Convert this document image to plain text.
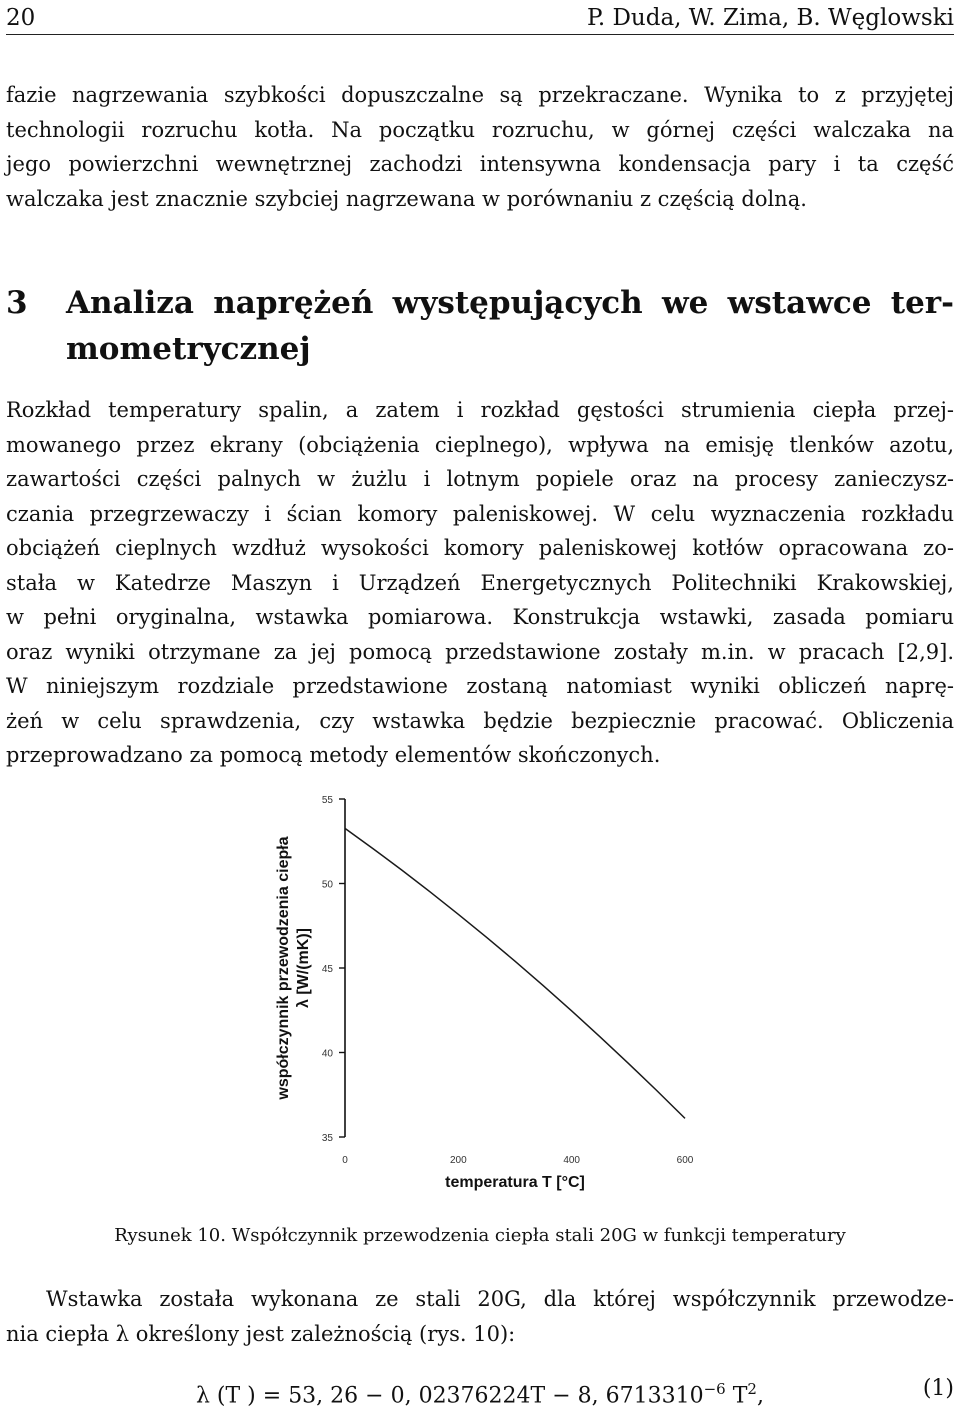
20	P. Duda, W. Zima, B. Węglowski
fazie nagrzewania szybkości dopuszczalne są przekraczane. Wynika to z przyjętej
technologii rozruchu kotła. Na początku rozruchu, w górnej części walczaka na
jego powierzchni wewnętrznej zachodzi intensywna kondensacja pary i ta część
walczaka jest znacznie szybciej nagrzewana w porównaniu z częścią dolną.
3 Analiza naprężeń występujących we wstawce ter-
mometrycznej
Rozkład temperatury spalin, a zatem i rozkład gęstości strumienia ciepła przej-
mowanego przez ekrany (obciążenia cieplnego), wpływa na emisję tlenków azotu,
zawartości części palnych w żużlu i lotnym popiele oraz na procesy zanieczysz-
czania przegrzewaczy i ścian komory paleniskowej. W celu wyznaczenia rozkładu
obciążeń cieplnych wzdłuż wysokości komory paleniskowej kotłów opracowana zo-
stała w Katedrze Maszyn i Urządzeń Energetycznych Politechniki Krakowskiej,
w pełni oryginalna, wstawka pomiarowa. Konstrukcja wstawki, zasada pomiaru
oraz wyniki otrzymane za jej pomocą przedstawione zostały m.in. w pracach [2,9].
W niniejszym rozdziale przedstawione zostaną natomiast wyniki obliczeń naprę-
żeń w celu sprawdzenia, czy wstawka będzie bezpiecznie pracować. Obliczenia
przeprowadzano za pomocą metody elementów skończonych.
współczynnik przewodzenia ciepła λ [W/(mK)]
35
40
45
50
55
0	200	400	600
temperatura T [°C]
Rysunek 10. Współczynnik przewodzenia ciepła stali 20G w funkcji temperatury
Wstawka została wykonana ze stali 20G, dla której współczynnik przewodze-
nia ciepła λ określony jest zależnością (rys. 10):
λ (T ) = 53, 26 − 0, 02376224T − 8, $6713310^{-6}$ $T^2$,	(1)
